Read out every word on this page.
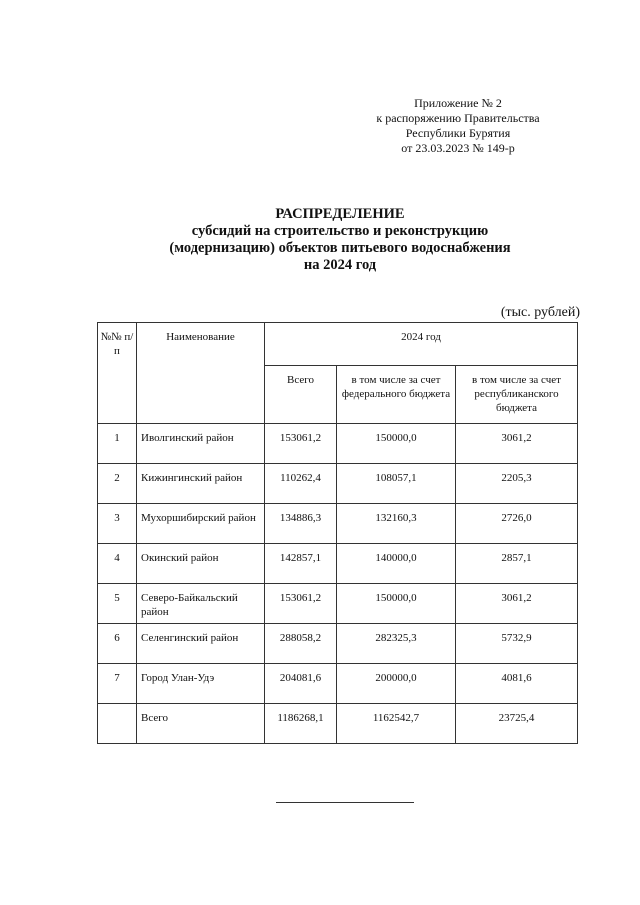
Приложение № 2
к распоряжению Правительства
Республики Бурятия
от 23.03.2023 № 149-р
РАСПРЕДЕЛЕНИЕ
субсидий на строительство и реконструкцию
(модернизацию) объектов питьевого водоснабжения
на 2024 год
(тыс. рублей)
№№ п/п	Наименование	2024 год		

		Всего	в том числе за счет федерального бюджета	в том числе за счет республиканского бюджета

1	Иволгинский район	153061,2	150000,0	3061,2

2	Кижингинский район	110262,4	108057,1	2205,3

3	Мухоршибирский район	134886,3	132160,3	2726,0

4	Окинский район	142857,1	140000,0	2857,1

5	Северо-Байкальский район	153061,2	150000,0	3061,2

6	Селенгинский район	288058,2	282325,3	5732,9

7	Город Улан-Удэ	204081,6	200000,0	4081,6

	Всего	1186268,1	1162542,7	23725,4
